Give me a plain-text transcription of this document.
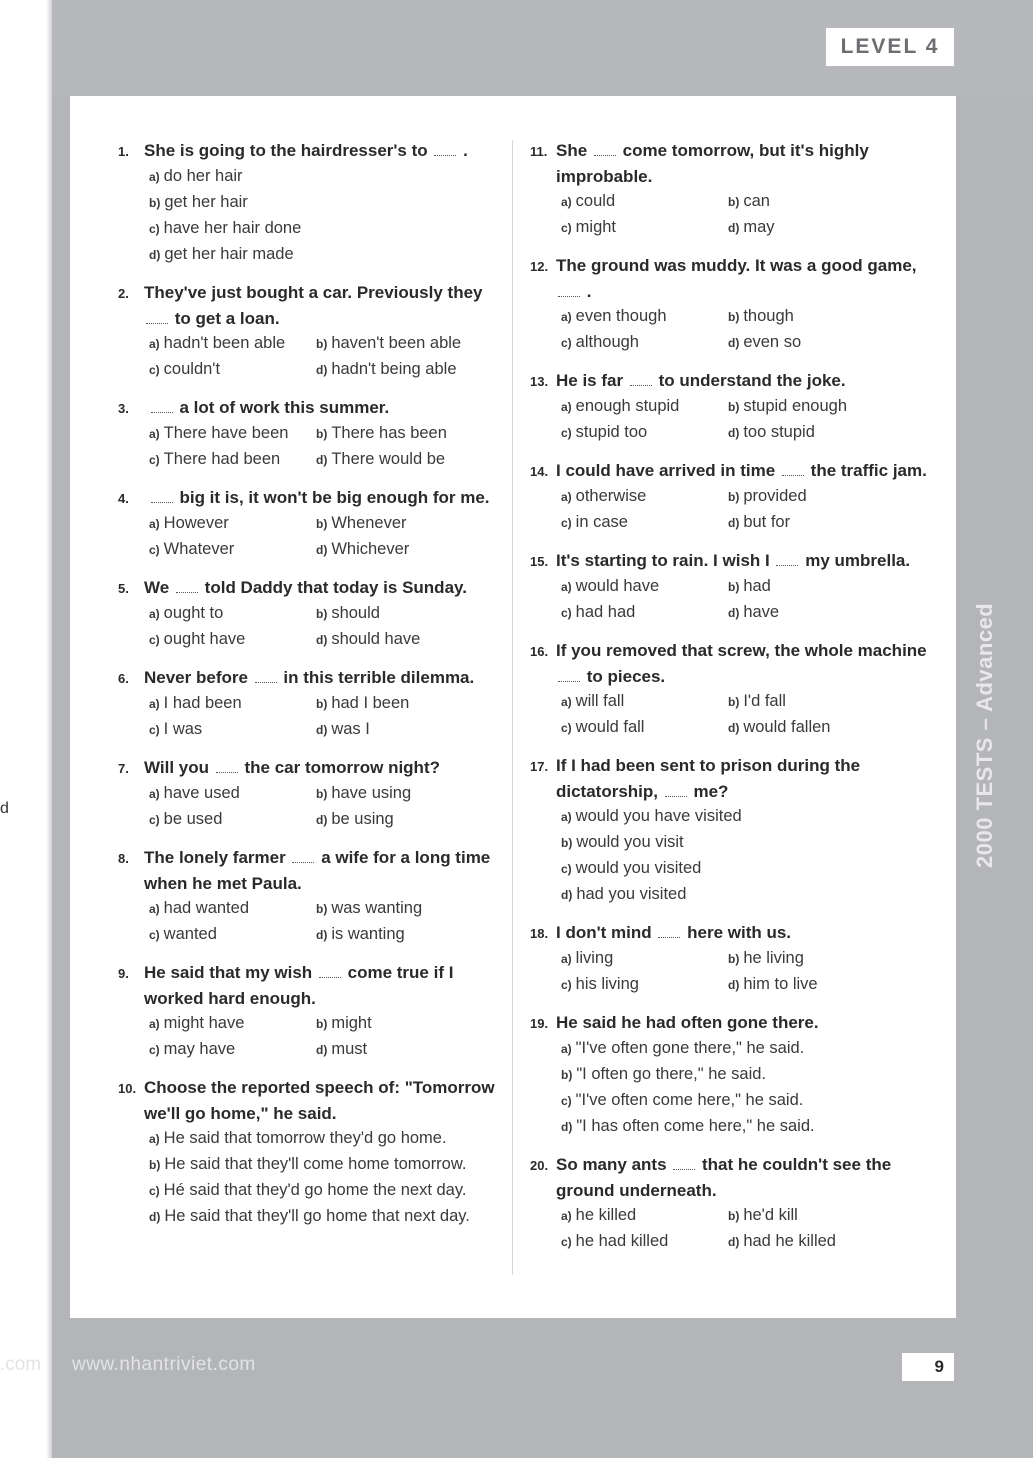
LEVEL 4
1. She is going to the hairdresser's to .
a) do her hair
b) get her hair
c) have her hair done
d) get her hair made
2. They've just bought a car. Previously they  to get a loan.
a) hadn't been able	b) haven't been able
c) couldn't	d) hadn't being able
3.	a lot of work this summer.
a) There have been	b) There has been
c) There had been	d) There would be
4.	big it is, it won't be big enough for me.
a) However	b) Whenever
c) Whatever	d) Whichever
5. We told Daddy that today is Sunday.
a) ought to	b) should
c) ought have	d) should have
6. Never before in this terrible dilemma.
a) I had been	b) had I been
c) I was	d) was I
7. Will you the car tomorrow night?
a) have used	b) have using
c) be used	d) be using
8. The lonely farmer a wife for a long time when he met Paula.
a) had wanted	b) was wanting
c) wanted	d) is wanting
9. He said that my wish come true if I worked hard enough.
a) might have	b) might
c) may have	d) must
10. Choose the reported speech of: "Tomorrow we'll go home," he said.
a) He said that tomorrow they'd go home.
b) He said that they'll come home tomorrow.
c) Hé said that they'd go home the next day.
d) He said that they'll go home that next day.
11. She come tomorrow, but it's highly improbable.
a) could	b) can
c) might	d) may
12. The ground was muddy. It was a good game,  .
a) even though	b) though
c) although	d) even so
13. He is far to understand the joke.
a) enough stupid	b) stupid enough
c) stupid too	d) too stupid
14. I could have arrived in time the traffic jam.
a) otherwise	b) provided
c) in case	d) but for
15. It's starting to rain. I wish I my umbrella.
a) would have	b) had
c) had had	d) have
16. If you removed that screw, the whole machine  to pieces.
a) will fall	b) I'd fall
c) would fall	d) would fallen
17. If I had been sent to prison during the dictatorship, me?
a) would you have visited
b) would you visit
c) would you visited
d) had you visited
18. I don't mind here with us.
a) living	b) he living
c) his living	d) him to live
19. He said he had often gone there.
a) "I've often gone there," he said.
b) "I often go there," he said.
c) "I've often come here," he said.
d) "I has often come here," he said.
20. So many ants that he couldn't see the ground underneath.
a) he killed	b) he'd kill
c) he had killed	d) had he killed
2000 TESTS – Advanced
.com www.nhantriviet.com	9
d
